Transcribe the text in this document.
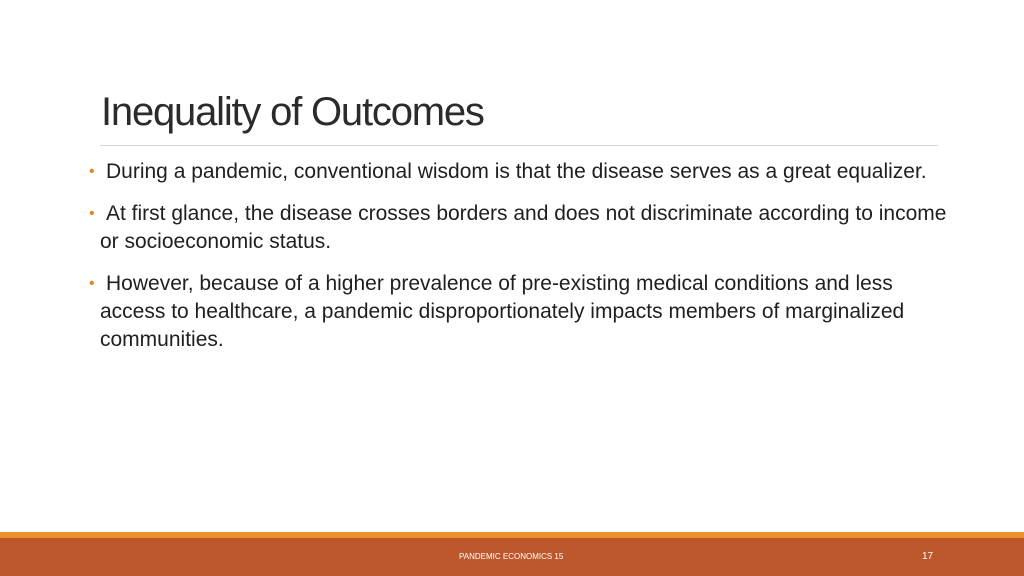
Inequality of Outcomes
• During a pandemic, conventional wisdom is that the disease serves as a great equalizer.
• At first glance, the disease crosses borders and does not discriminate according to income or socioeconomic status.
• However, because of a higher prevalence of pre-existing medical conditions and less access to healthcare, a pandemic disproportionately impacts members of marginalized communities.
PANDEMIC ECONOMICS 15	17
